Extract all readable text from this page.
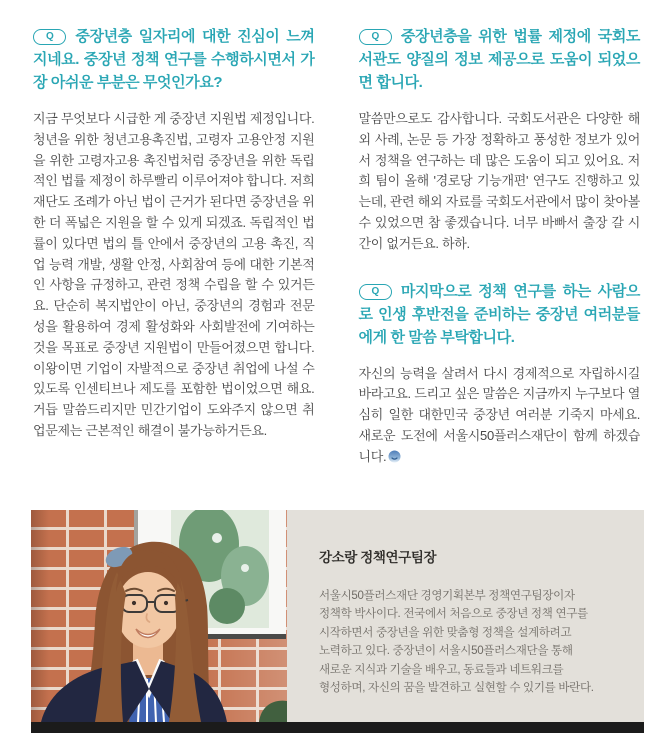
Q 중장년층 일자리에 대한 진심이 느껴지네요. 중장년 정책 연구를 수행하시면서 가장 아쉬운 부분은 무엇인가요?
지금 무엇보다 시급한 게 중장년 지원법 제정입니다. 청년을 위한 청년고용촉진법, 고령자 고용안정 지원을 위한 고령자고용 촉진법처럼 중장년을 위한 독립적인 법률 제정이 하루빨리 이루어져야 합니다. 저희 재단도 조례가 아닌 법이 근거가 된다면 중장년을 위한 더 폭넓은 지원을 할 수 있게 되겠죠. 독립적인 법률이 있다면 법의 틀 안에서 중장년의 고용 촉진, 직업 능력 개발, 생활 안정, 사회참여 등에 대한 기본적인 사항을 규정하고, 관련 정책 수립을 할 수 있거든요. 단순히 복지법안이 아닌, 중장년의 경험과 전문성을 활용하여 경제 활성화와 사회발전에 기여하는 것을 목표로 중장년 지원법이 만들어졌으면 합니다. 이왕이면 기업이 자발적으로 중장년 취업에 나설 수 있도록 인센티브나 제도를 포함한 법이었으면 해요. 거듭 말씀드리지만 민간기업이 도와주지 않으면 취업문제는 근본적인 해결이 불가능하거든요.
Q 중장년층을 위한 법률 제정에 국회도서관도 양질의 정보 제공으로 도움이 되었으면 합니다.
말씀만으로도 감사합니다. 국회도서관은 다양한 해외 사례, 논문 등 가장 정확하고 풍성한 정보가 있어서 정책을 연구하는 데 많은 도움이 되고 있어요. 저희 팀이 올해 '경로당 기능개편' 연구도 진행하고 있는데, 관련 해외 자료를 국회도서관에서 많이 찾아볼 수 있었으면 참 좋겠습니다. 너무 바빠서 출장 갈 시간이 없거든요. 하하.
Q 마지막으로 정책 연구를 하는 사람으로 인생 후반전을 준비하는 중장년 여러분들에게 한 말씀 부탁합니다.
자신의 능력을 살려서 다시 경제적으로 자립하시길 바라고요. 드리고 싶은 말씀은 지금까지 누구보다 열심히 일한 대한민국 중장년 여러분 기죽지 마세요. 새로운 도전에 서울시50플러스재단이 함께 하겠습니다.
강소랑 정책연구팀장
서울시50플러스재단 경영기획본부 정책연구팀장이자
정책학 박사이다. 전국에서 처음으로 중장년 정책 연구를
시작하면서 중장년을 위한 맞춤형 정책을 설계하려고
노력하고 있다. 중장년이 서울시50플러스재단을 통해
새로운 지식과 기술을 배우고, 동료들과 네트워크를
형성하며, 자신의 꿈을 발견하고 실현할 수 있기를 바란다.
